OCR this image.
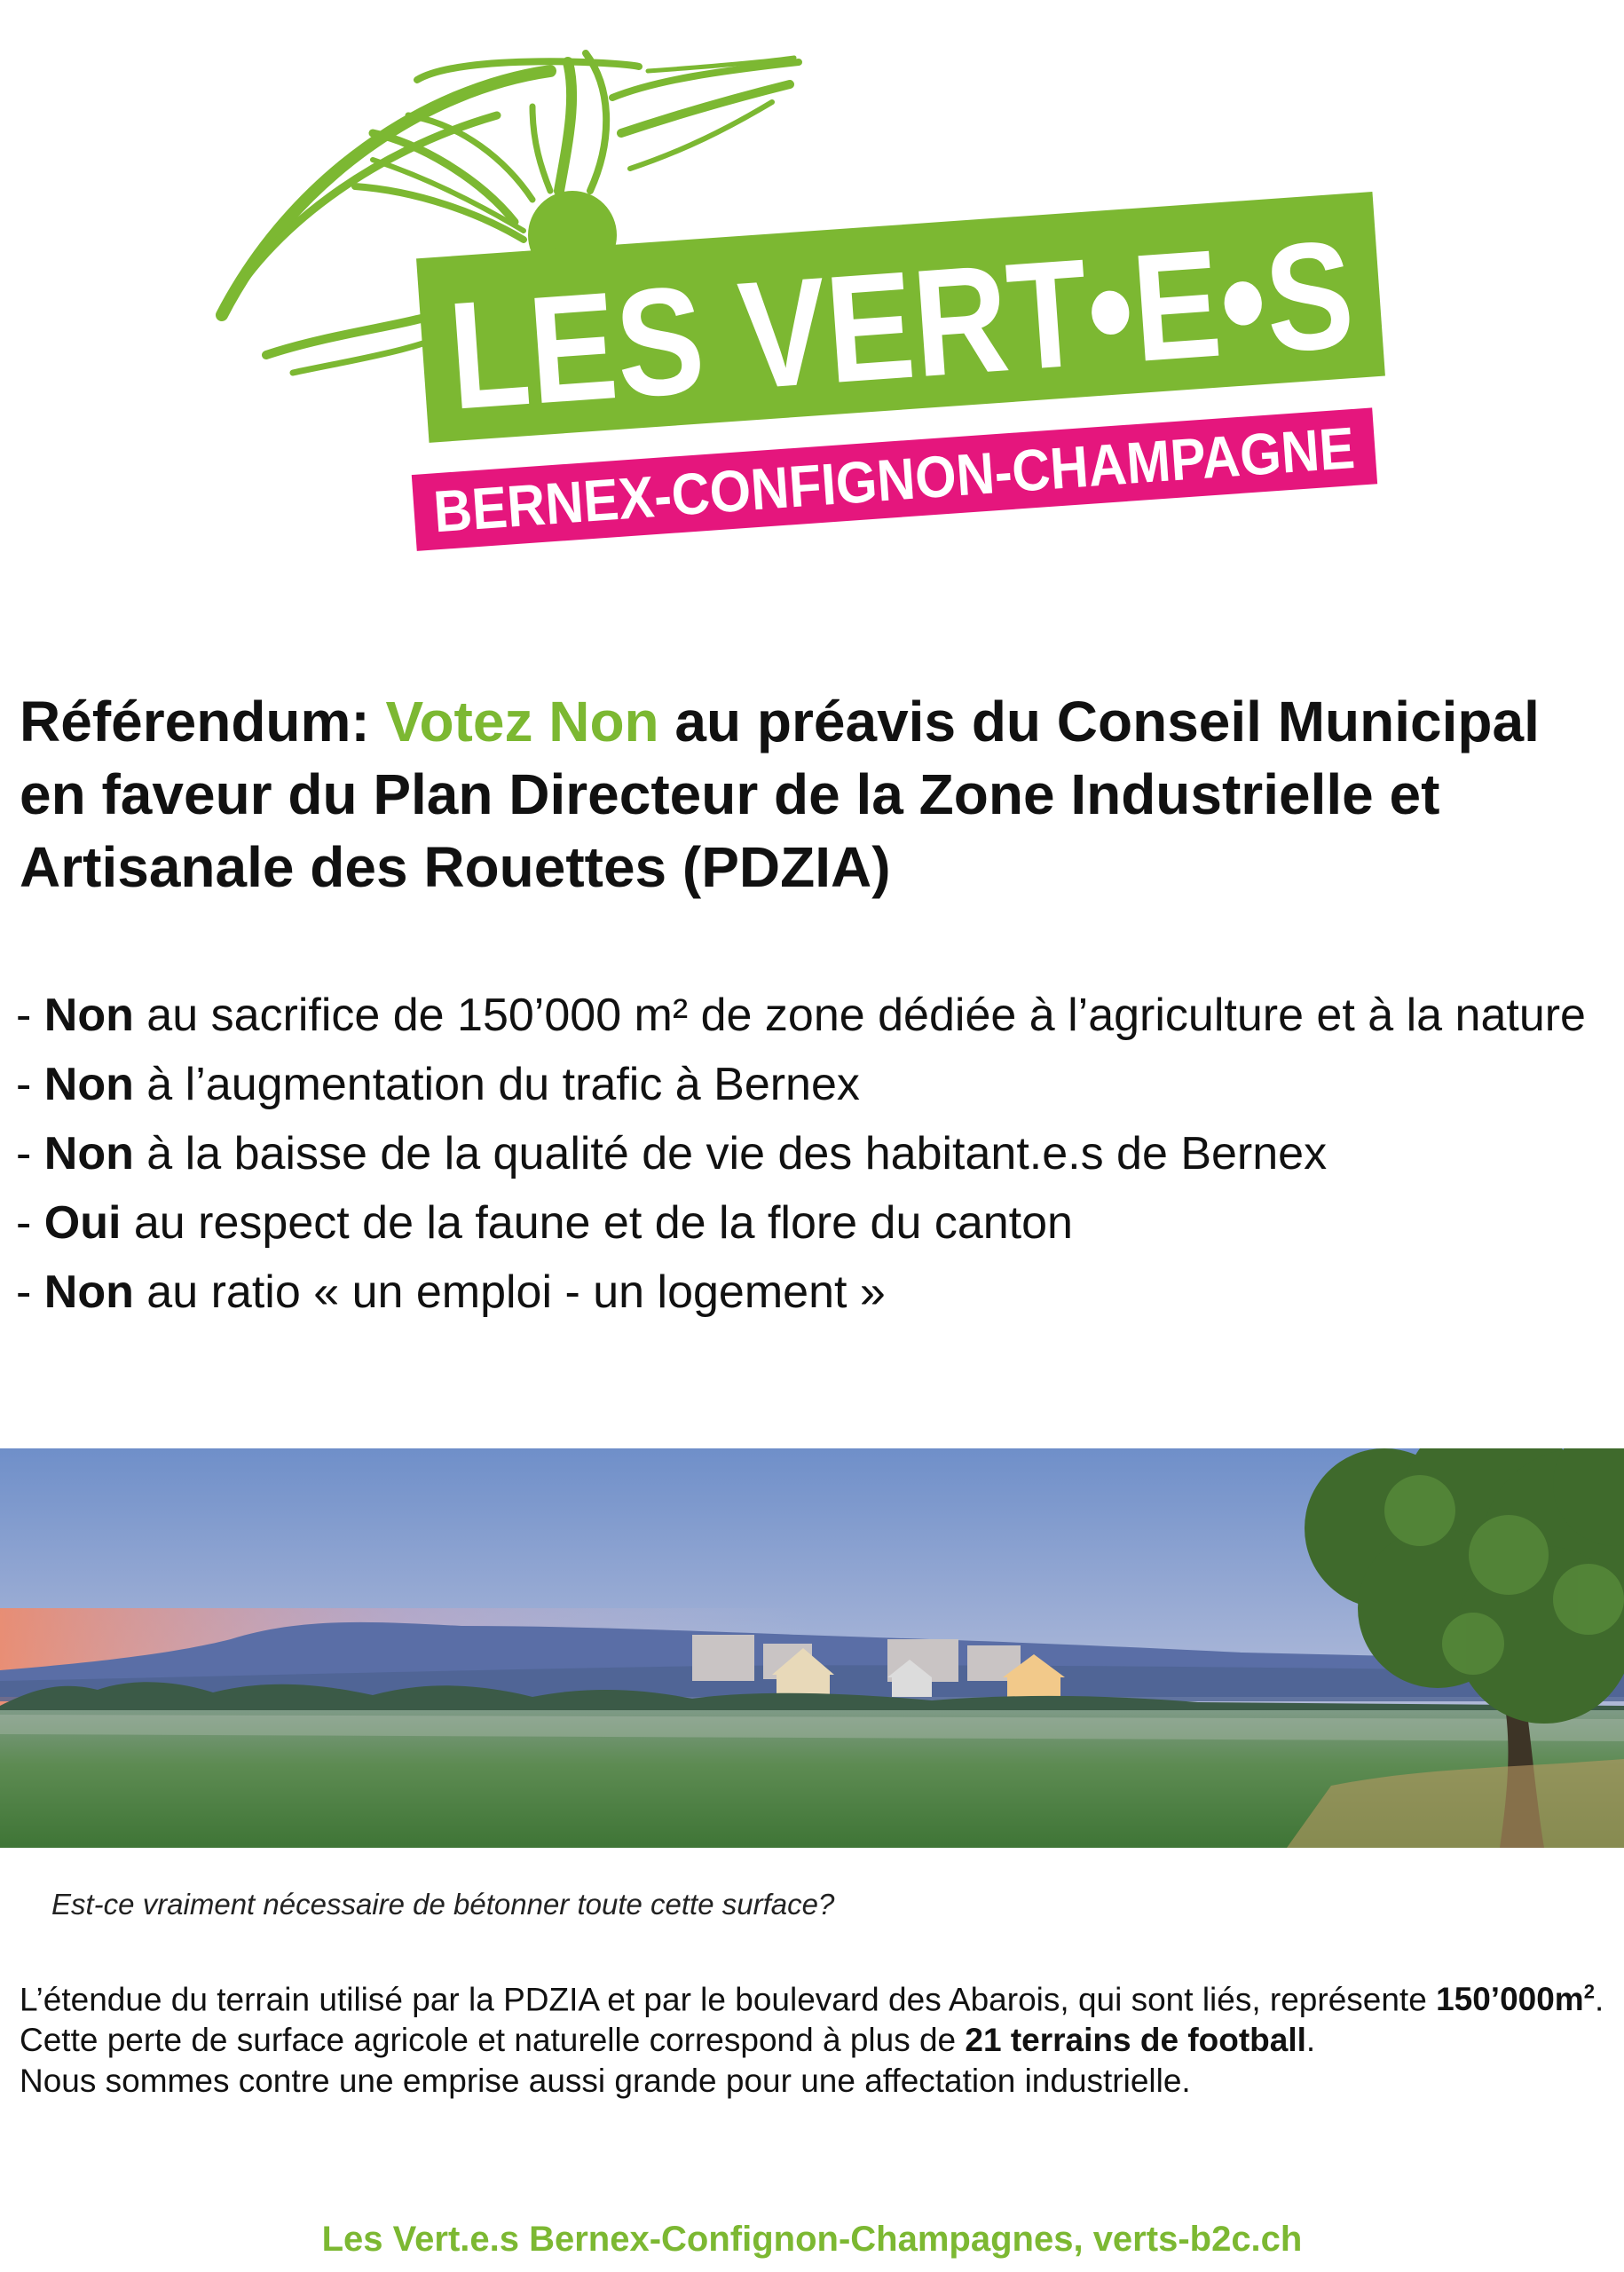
LES VERT•E•S
BERNEX-CONFIGNON-CHAMPAGNE
Référendum: Votez Non au préavis du Conseil Municipal en faveur du Plan Directeur de la Zone Industrielle et Artisanale des Rouettes (PDZIA)
- Non au sacrifice de 150’000 m² de zone dédiée à l’agriculture et à la nature
- Non à l’augmentation du trafic à Bernex
- Non à la baisse de la qualité de vie des habitant.e.s de Bernex
- Oui au respect de la faune et de la flore du canton
- Non au ratio « un emploi - un logement »
Est-ce vraiment nécessaire de bétonner toute cette surface?

L’étendue du terrain utilisé par la PDZIA et par le boulevard des Abarois, qui sont liés, représente $150’000m^2$.
Cette perte de surface agricole et naturelle correspond à plus de 21 terrains de football.
Nous sommes contre une emprise aussi grande pour une affectation industrielle.

Les Vert.e.s Bernex-Confignon-Champagnes, verts-b2c.ch
